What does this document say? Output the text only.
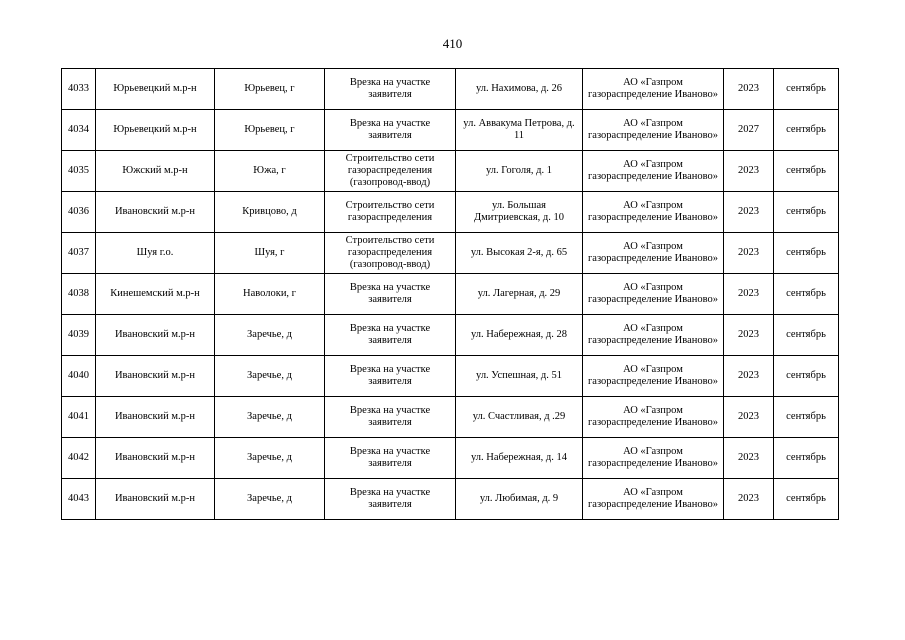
410
4033	Юрьевецкий м.р-н	Юрьевец, г	Врезка на участке заявителя	ул. Нахимова, д. 26	АО «Газпром газораспределение Иваново»	2023	сентябрь
4034	Юрьевецкий м.р-н	Юрьевец, г	Врезка на участке заявителя	ул. Аввакума Петрова, д. 11	АО «Газпром газораспределение Иваново»	2027	сентябрь
4035	Южский м.р-н	Южа, г	Строительство сети газораспределения (газопровод-ввод)	ул. Гоголя, д. 1	АО «Газпром газораспределение Иваново»	2023	сентябрь
4036	Ивановский м.р-н	Кривцово, д	Строительство сети газораспределения	ул. Большая Дмитриевская, д. 10	АО «Газпром газораспределение Иваново»	2023	сентябрь
4037	Шуя г.о.	Шуя, г	Строительство сети газораспределения (газопровод-ввод)	ул. Высокая 2-я, д. 65	АО «Газпром газораспределение Иваново»	2023	сентябрь
4038	Кинешемский м.р-н	Наволоки, г	Врезка на участке заявителя	ул. Лагерная, д. 29	АО «Газпром газораспределение Иваново»	2023	сентябрь
4039	Ивановский м.р-н	Заречье, д	Врезка на участке заявителя	ул. Набережная, д. 28	АО «Газпром газораспределение Иваново»	2023	сентябрь
4040	Ивановский м.р-н	Заречье, д	Врезка на участке заявителя	ул. Успешная, д. 51	АО «Газпром газораспределение Иваново»	2023	сентябрь
4041	Ивановский м.р-н	Заречье, д	Врезка на участке заявителя	ул. Счастливая, д .29	АО «Газпром газораспределение Иваново»	2023	сентябрь
4042	Ивановский м.р-н	Заречье, д	Врезка на участке заявителя	ул. Набережная, д. 14	АО «Газпром газораспределение Иваново»	2023	сентябрь
4043	Ивановский м.р-н	Заречье, д	Врезка на участке заявителя	ул. Любимая, д. 9	АО «Газпром газораспределение Иваново»	2023	сентябрь
